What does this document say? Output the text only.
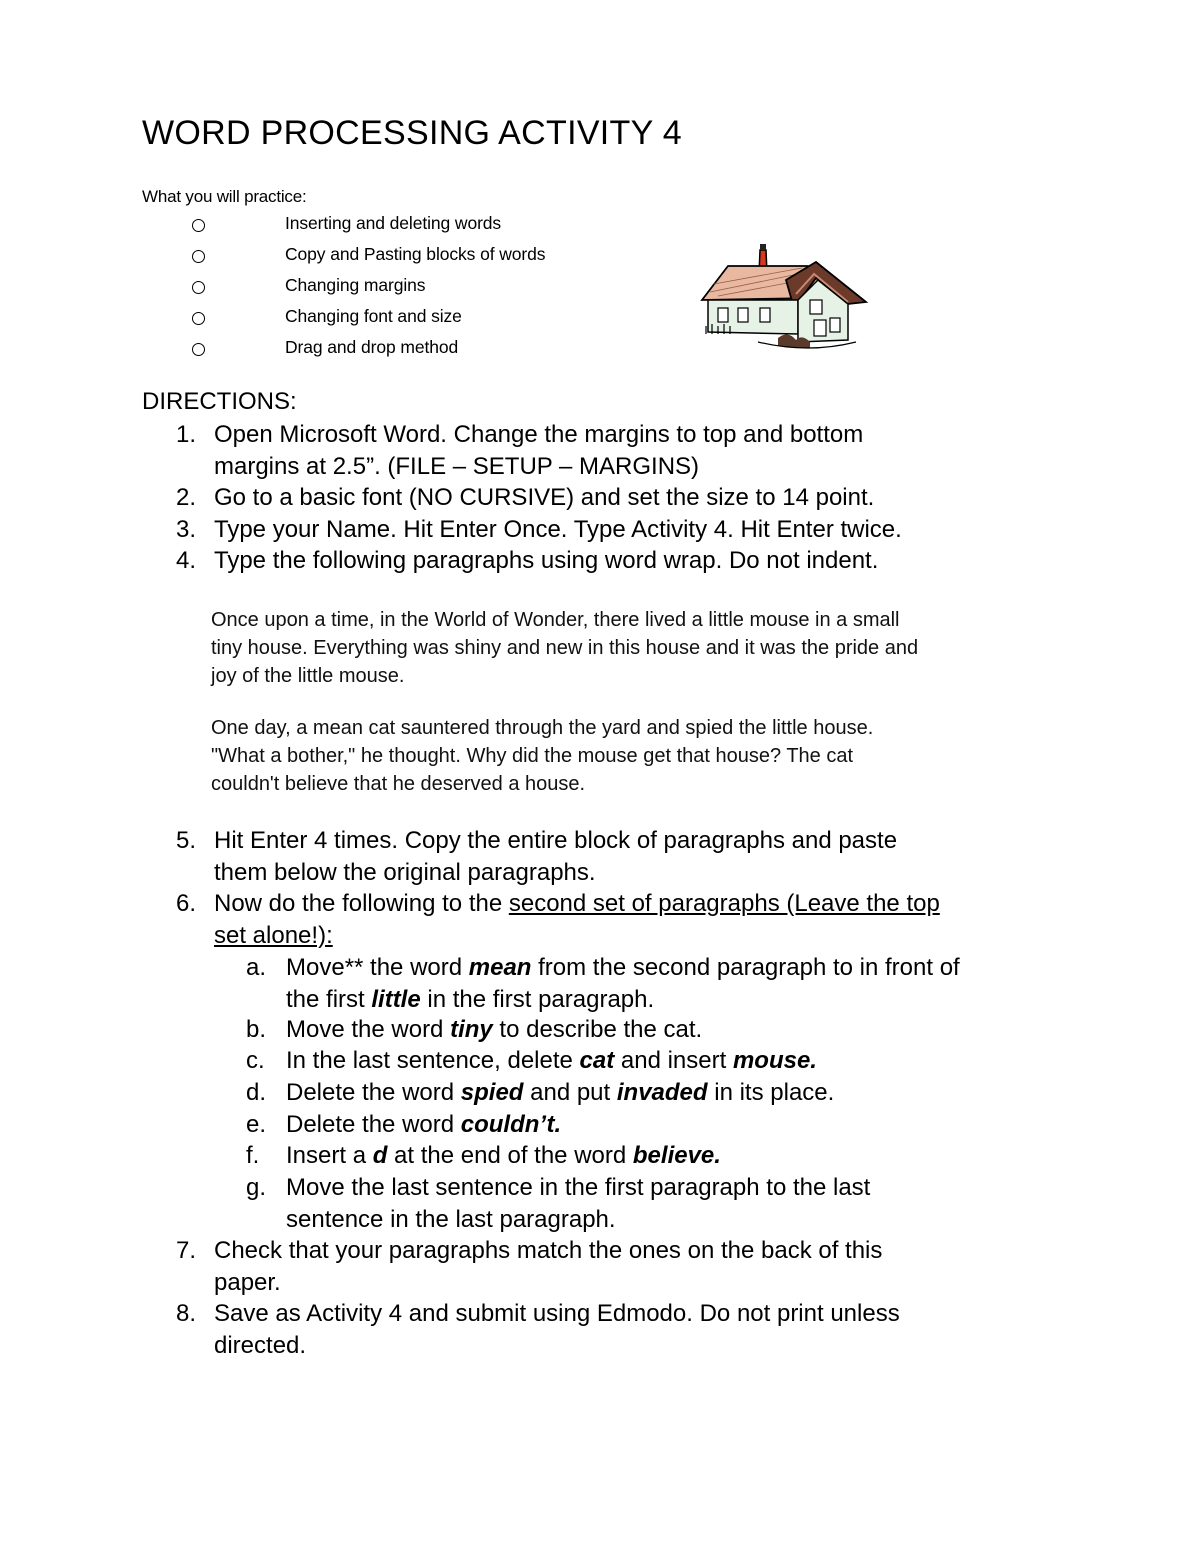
WORD PROCESSING ACTIVITY 4
What you will practice:
Inserting and deleting words
Copy and Pasting blocks of words
Changing margins
Changing font and size
Drag and drop method
DIRECTIONS:
1. Open Microsoft Word. Change the margins to top and bottom
margins at 2.5”. (FILE – SETUP – MARGINS)
2. Go to a basic font (NO CURSIVE) and set the size to 14 point.
3. Type your Name. Hit Enter Once. Type Activity 4. Hit Enter twice.
4. Type the following paragraphs using word wrap. Do not indent.
Once upon a time, in the World of Wonder, there lived a little mouse in a small
tiny house. Everything was shiny and new in this house and it was the pride and
joy of the little mouse.
One day, a mean cat sauntered through the yard and spied the little house.
"What a bother," he thought. Why did the mouse get that house? The cat
couldn't believe that he deserved a house.
5. Hit Enter 4 times. Copy the entire block of paragraphs and paste
them below the original paragraphs.
6. Now do the following to the second set of paragraphs (Leave the top
set alone!):
a. Move** the word mean from the second paragraph to in front of
the first little in the first paragraph.
b. Move the word tiny to describe the cat.
c. In the last sentence, delete cat and insert mouse.
d. Delete the word spied and put invaded in its place.
e. Delete the word couldn’t.
f. Insert a d at the end of the word believe.
g. Move the last sentence in the first paragraph to the last
sentence in the last paragraph.
7. Check that your paragraphs match the ones on the back of this
paper.
8. Save as Activity 4 and submit using Edmodo. Do not print unless
directed.
